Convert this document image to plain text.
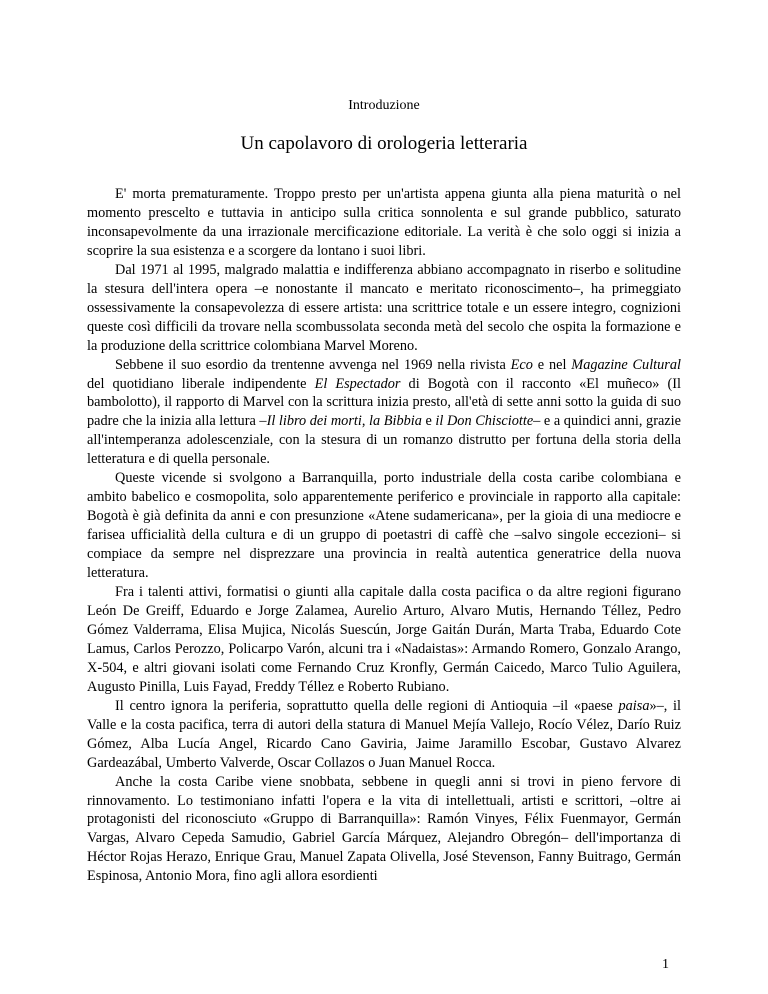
Introduzione
Un capolavoro di orologeria letteraria

E' morta prematuramente. Troppo presto per un'artista appena giunta alla piena maturità o nel momento prescelto e tuttavia in anticipo sulla critica sonnolenta e sul grande pubblico, saturato inconsapevolmente da una irrazionale mercificazione editoriale. La verità è che solo oggi si inizia a scoprire la sua esistenza e a scorgere da lontano i suoi libri.

Dal 1971 al 1995, malgrado malattia e indifferenza abbiano accompagnato in riserbo e solitudine la stesura dell'intera opera –e nonostante il mancato e meritato riconoscimento–, ha primeggiato ossessivamente la consapevolezza di essere artista: una scrittrice totale e un essere integro, cognizioni queste così difficili da trovare nella scombussolata seconda metà del secolo che ospita la formazione e la produzione della scrittrice colombiana Marvel Moreno.

Sebbene il suo esordio da trentenne avvenga nel 1969 nella rivista Eco e nel Magazine Cultural del quotidiano liberale indipendente El Espectador di Bogotà con il racconto «El muñeco» (Il bambolotto), il rapporto di Marvel con la scrittura inizia presto, all'età di sette anni sotto la guida di suo padre che la inizia alla lettura –Il libro dei morti, la Bibbia e il Don Chisciotte– e a quindici anni, grazie all'intemperanza adolescenziale, con la stesura di un romanzo distrutto per fortuna della storia della letteratura e di quella personale.

Queste vicende si svolgono a Barranquilla, porto industriale della costa caribe colombiana e ambito babelico e cosmopolita, solo apparentemente periferico e provinciale in rapporto alla capitale: Bogotà è già definita da anni e con presunzione «Atene sudamericana», per la gioia di una mediocre e farisea ufficialità della cultura e di un gruppo di poetastri di caffè che –salvo singole eccezioni– si compiace da sempre nel disprezzare una provincia in realtà autentica generatrice della nuova letteratura.

Fra i talenti attivi, formatisi o giunti alla capitale dalla costa pacifica o da altre regioni figurano León De Greiff, Eduardo e Jorge Zalamea, Aurelio Arturo, Alvaro Mutis, Hernando Téllez, Pedro Gómez Valderrama, Elisa Mujica, Nicolás Suescún, Jorge Gaitán Durán, Marta Traba, Eduardo Cote Lamus, Carlos Perozzo, Policarpo Varón, alcuni tra i «Nadaistas»: Armando Romero, Gonzalo Arango, X-504, e altri giovani isolati come Fernando Cruz Kronfly, Germán Caicedo, Marco Tulio Aguilera, Augusto Pinilla, Luis Fayad, Freddy Téllez e Roberto Rubiano.

Il centro ignora la periferia, soprattutto quella delle regioni di Antioquia –il «paese paisa»–, il Valle e la costa pacifica, terra di autori della statura di Manuel Mejía Vallejo, Rocío Vélez, Darío Ruiz Gómez, Alba Lucía Angel, Ricardo Cano Gaviria, Jaime Jaramillo Escobar, Gustavo Alvarez Gardeazábal, Umberto Valverde, Oscar Collazos o Juan Manuel Rocca.

Anche la costa Caribe viene snobbata, sebbene in quegli anni si trovi in pieno fervore di rinnovamento. Lo testimoniano infatti l'opera e la vita di intellettuali, artisti e scrittori, –oltre ai protagonisti del riconosciuto «Gruppo di Barranquilla»: Ramón Vinyes, Félix Fuenmayor, Germán Vargas, Alvaro Cepeda Samudio, Gabriel García Márquez, Alejandro Obregón– dell'importanza di Héctor Rojas Herazo, Enrique Grau, Manuel Zapata Olivella, José Stevenson, Fanny Buitrago, Germán Espinosa, Antonio Mora, fino agli allora esordienti

1
